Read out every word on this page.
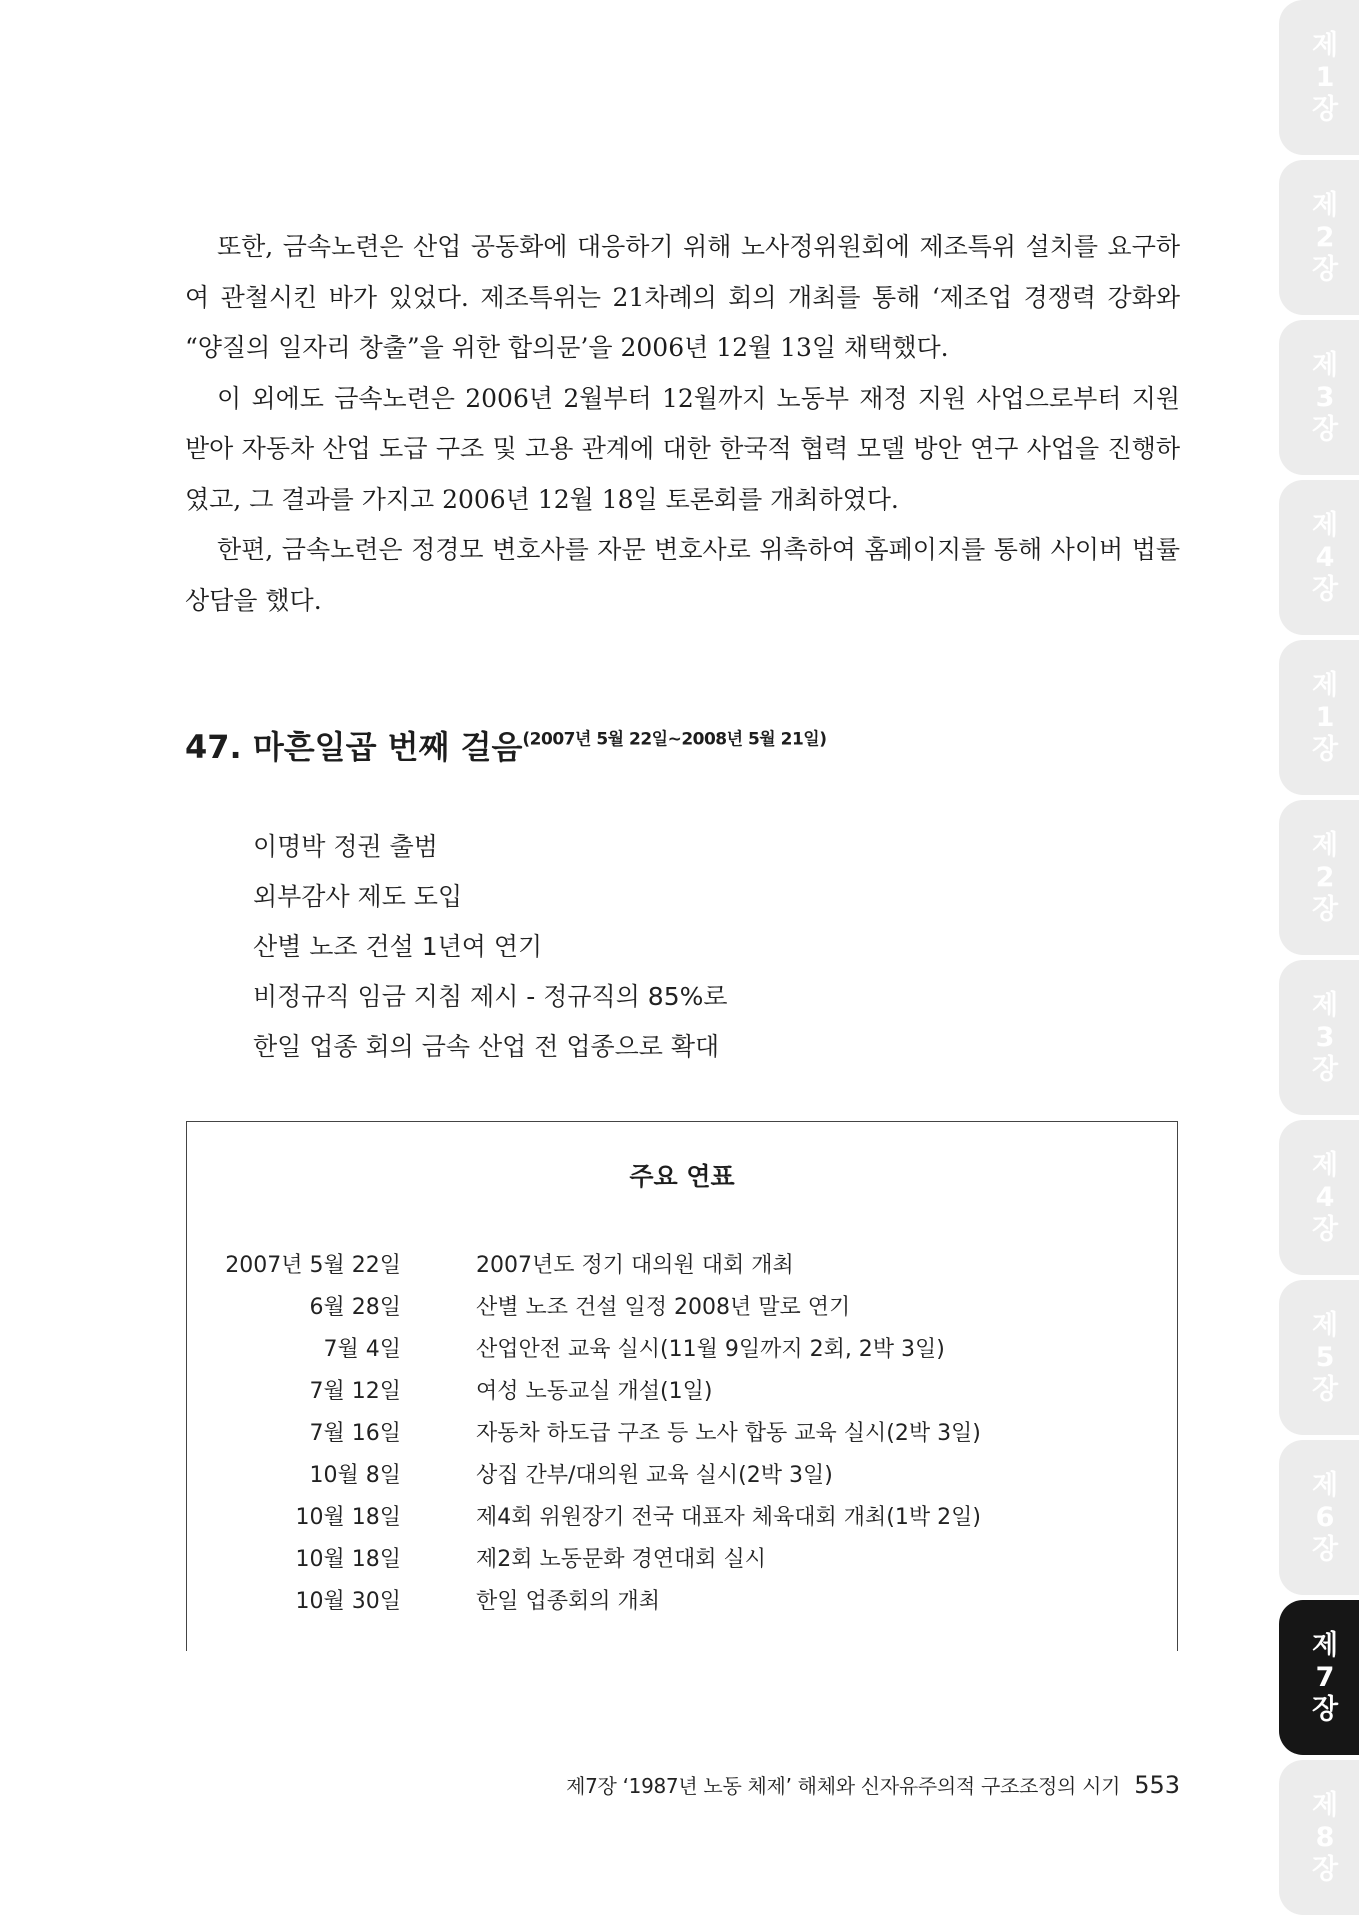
또한, 금속노련은 산업 공동화에 대응하기 위해 노사정위원회에 제조특위 설치를 요구하여 관철시킨 바가 있었다. 제조특위는 21차례의 회의 개최를 통해 ‘제조업 경쟁력 강화와 “양질의 일자리 창출”을 위한 합의문’을 2006년 12월 13일 채택했다.

이 외에도 금속노련은 2006년 2월부터 12월까지 노동부 재정 지원 사업으로부터 지원받아 자동차 산업 도급 구조 및 고용 관계에 대한 한국적 협력 모델 방안 연구 사업을 진행하였고, 그 결과를 가지고 2006년 12월 18일 토론회를 개최하였다.

한편, 금속노련은 정경모 변호사를 자문 변호사로 위촉하여 홈페이지를 통해 사이버 법률 상담을 했다.

47. 마흔일곱 번째 걸음$^{(2007년 5월 22일\sim 2008년 5월 21일)}$
이명박 정권 출범
외부감사 제도 도입
산별 노조 건설 1년여 연기
비정규직 임금 지침 제시 - 정규직의 85%로
한일 업종 회의 금속 산업 전 업종으로 확대
주요 연표
2007년 5월 22일	2007년도 정기 대의원 대회 개최
6월 28일	산별 노조 건설 일정 2008년 말로 연기
7월 4일	산업안전 교육 실시(11월 9일까지 2회, 2박 3일)
7월 12일	여성 노동교실 개설(1일)
7월 16일	자동차 하도급 구조 등 노사 합동 교육 실시(2박 3일)
10월 8일	상집 간부/대의원 교육 실시(2박 3일)
10월 18일	제4회 위원장기 전국 대표자 체육대회 개최(1박 2일)
10월 18일	제2회 노동문화 경연대회 실시
10월 30일	한일 업종회의 개최
제7장 ‘1987년 노동 체제’ 해체와 신자유주의적 구조조정의 시기 553
제
1
장
제
2
장
제
3
장
제
4
장
제
1
장
제
2
장
제
3
장
제
4
장
제
5
장
제
6
장
제
7
장
제
8
장
